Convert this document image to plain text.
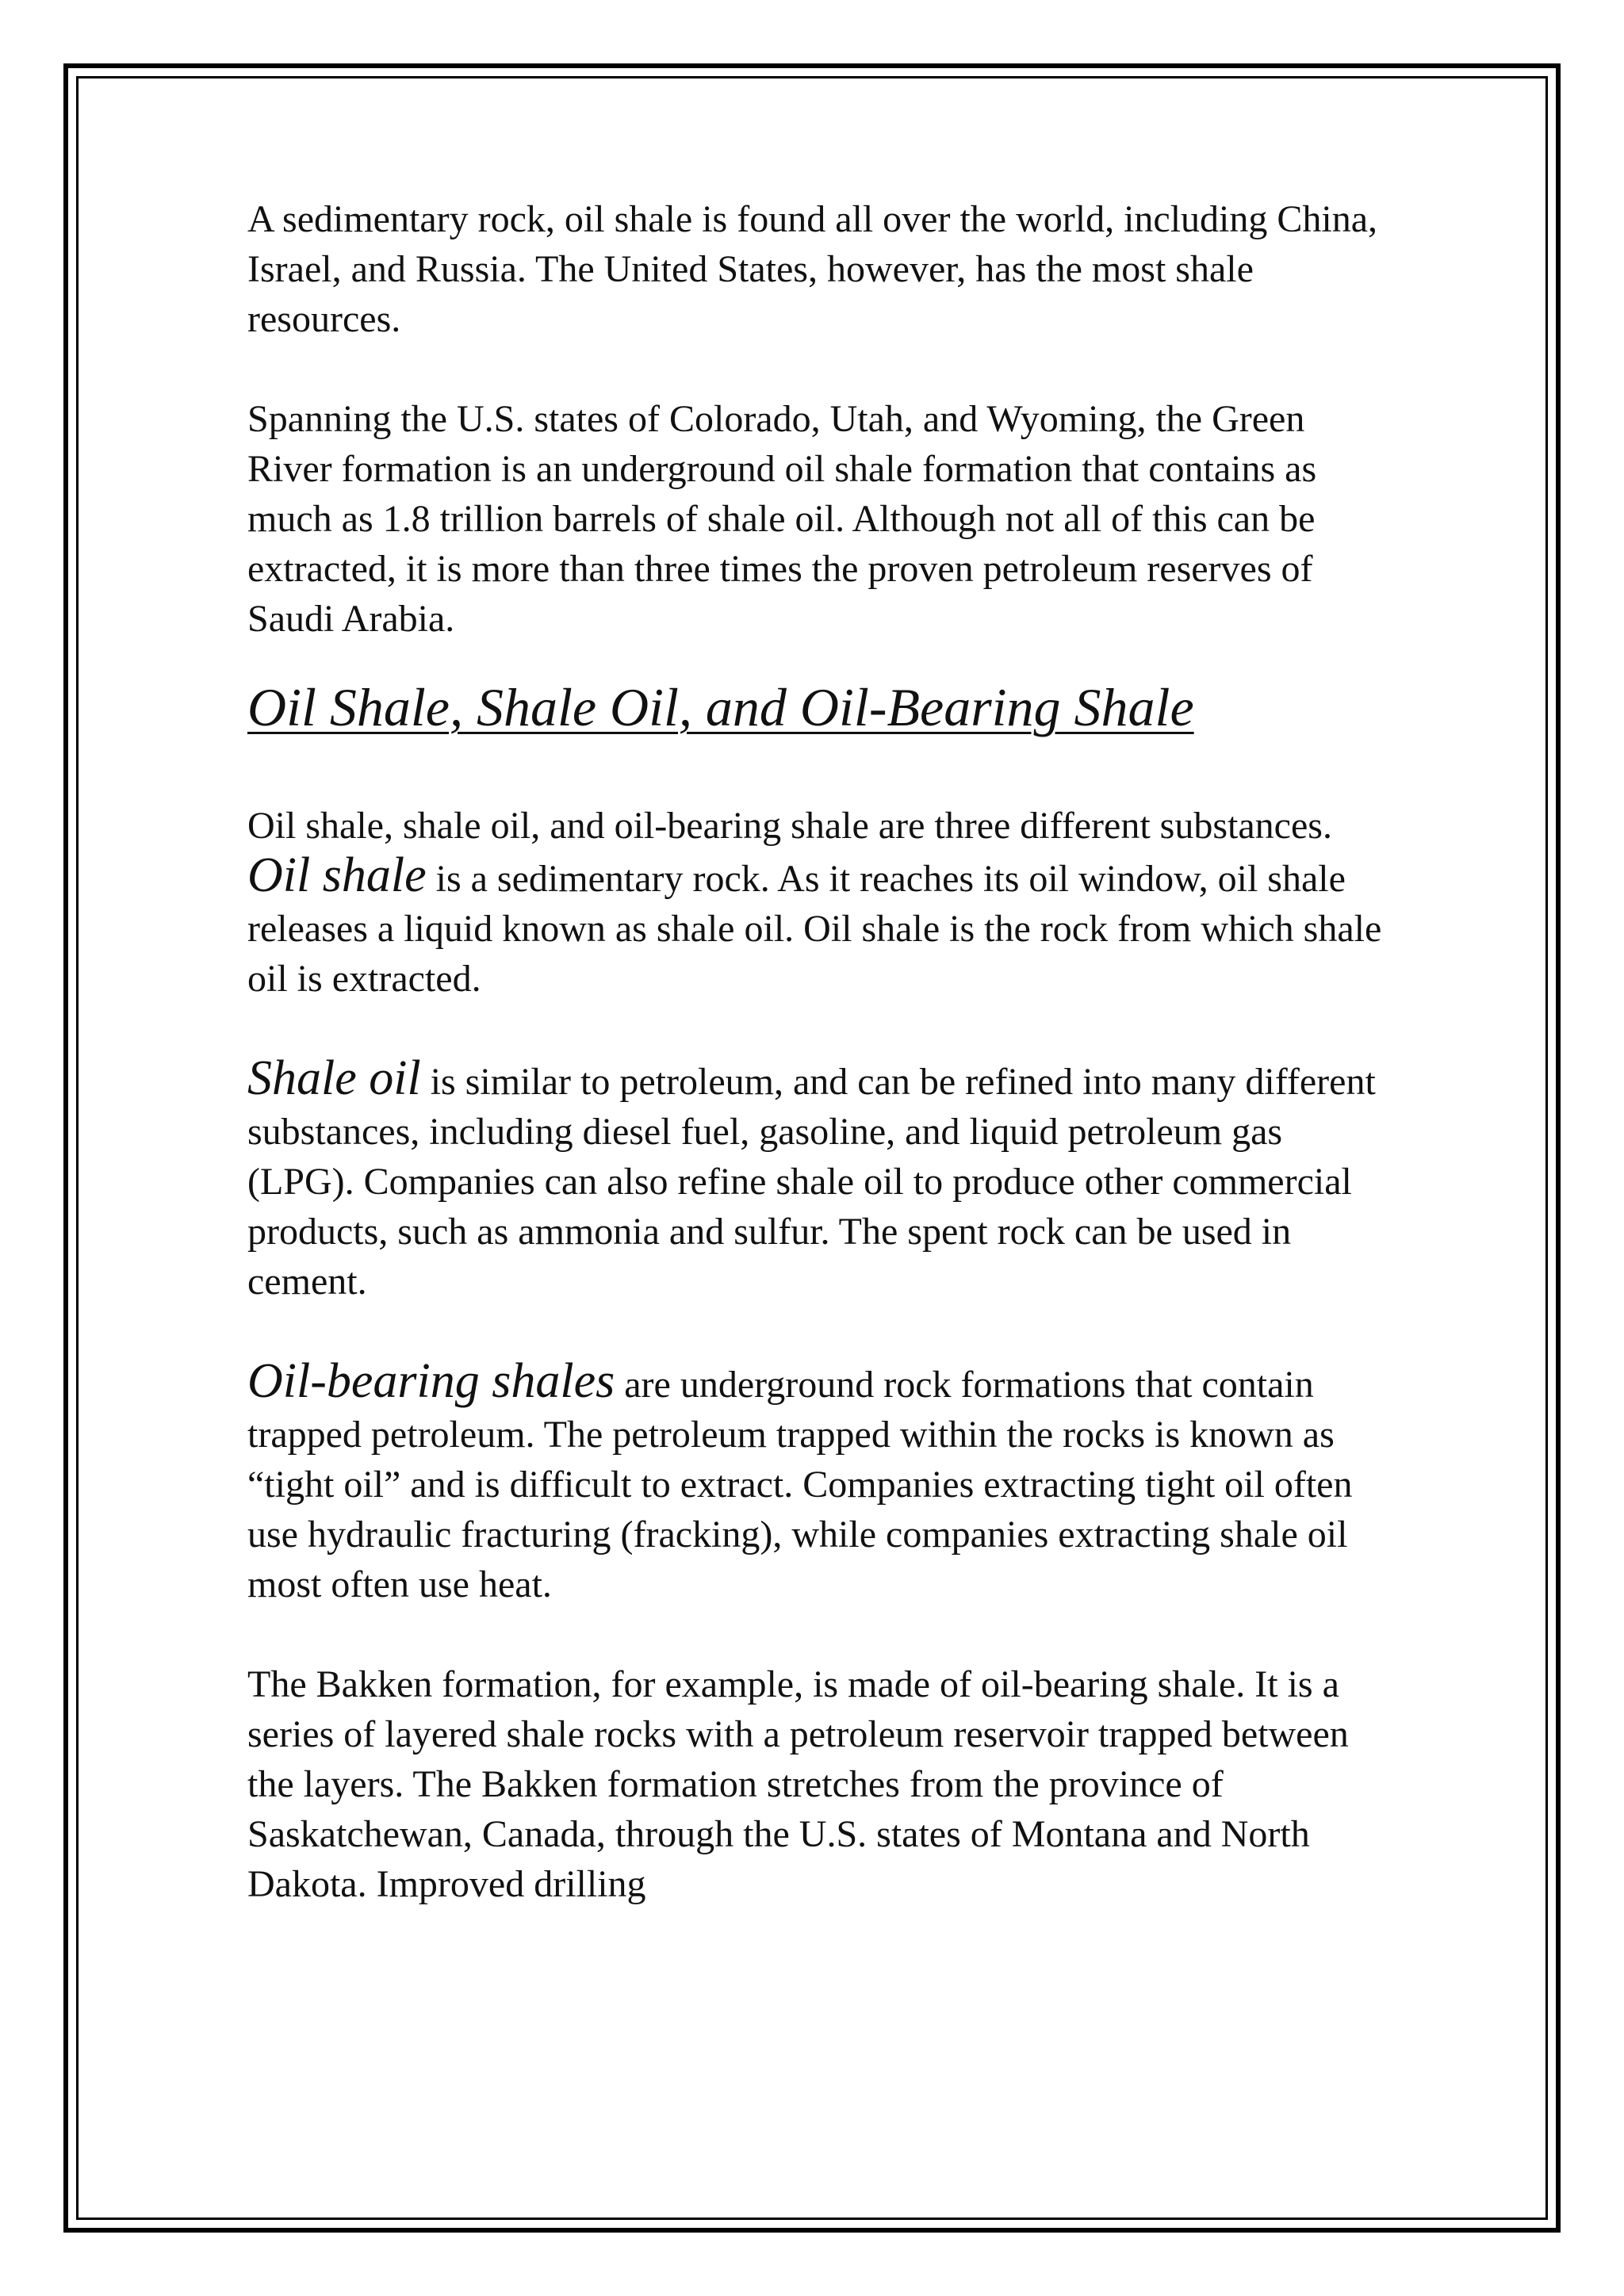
A sedimentary rock, oil shale is found all over the world, including China, Israel, and Russia. The United States, however, has the most shale resources.

Spanning the U.S. states of Colorado, Utah, and Wyoming, the Green River formation is an underground oil shale formation that contains as much as 1.8 trillion barrels of shale oil. Although not all of this can be extracted, it is more than three times the proven petroleum reserves of Saudi Arabia.

Oil Shale, Shale Oil, and Oil-Bearing Shale

Oil shale, shale oil, and oil-bearing shale are three different substances. Oil shale is a sedimentary rock. As it reaches its oil window, oil shale releases a liquid known as shale oil. Oil shale is the rock from which shale oil is extracted.

Shale oil is similar to petroleum, and can be refined into many different substances, including diesel fuel, gasoline, and liquid petroleum gas (LPG). Companies can also refine shale oil to produce other commercial products, such as ammonia and sulfur. The spent rock can be used in cement.

Oil-bearing shales are underground rock formations that contain trapped petroleum. The petroleum trapped within the rocks is known as “tight oil” and is difficult to extract. Companies extracting tight oil often use hydraulic fracturing (fracking), while companies extracting shale oil most often use heat.

The Bakken formation, for example, is made of oil-bearing shale. It is a series of layered shale rocks with a petroleum reservoir trapped between the layers. The Bakken formation stretches from the province of Saskatchewan, Canada, through the U.S. states of Montana and North Dakota. Improved drilling
